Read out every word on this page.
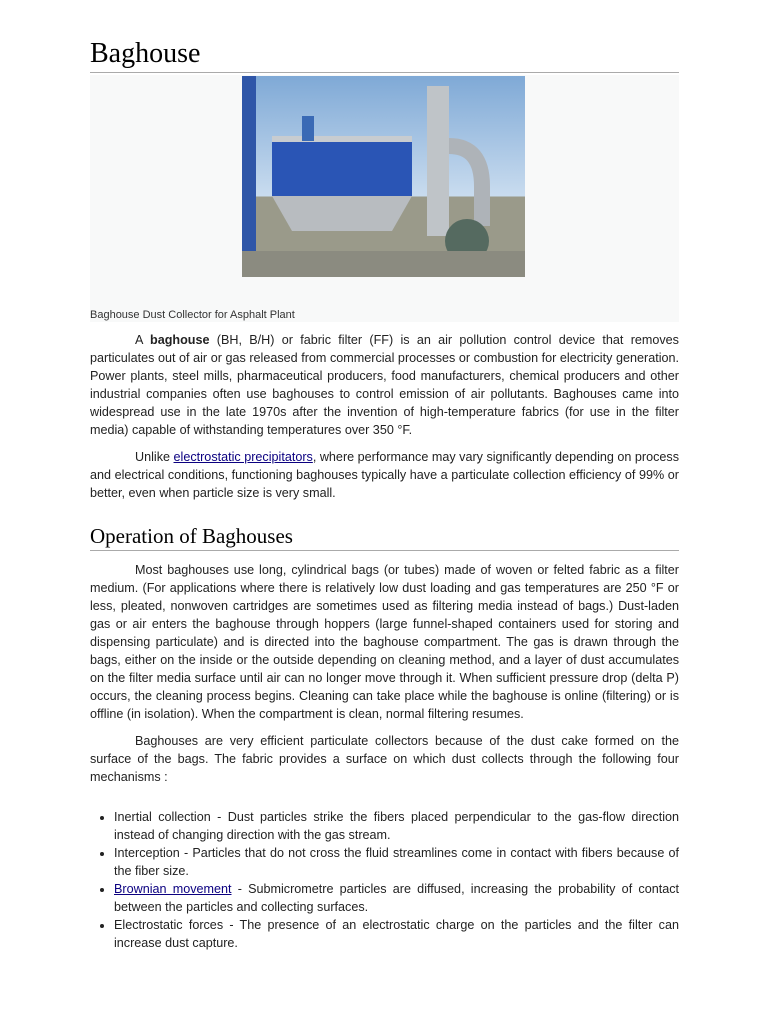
Baghouse
Baghouse Dust Collector for Asphalt Plant

A baghouse (BH, B/H) or fabric filter (FF) is an air pollution control device that removes particulates out of air or gas released from commercial processes or combustion for electricity generation. Power plants, steel mills, pharmaceutical producers, food manufacturers, chemical producers and other industrial companies often use baghouses to control emission of air pollutants. Baghouses came into widespread use in the late 1970s after the invention of high-temperature fabrics (for use in the filter media) capable of withstanding temperatures over 350 °F.

Unlike electrostatic precipitators, where performance may vary significantly depending on process and electrical conditions, functioning baghouses typically have a particulate collection efficiency of 99% or better, even when particle size is very small.

Operation of Baghouses

Most baghouses use long, cylindrical bags (or tubes) made of woven or felted fabric as a filter medium. (For applications where there is relatively low dust loading and gas temperatures are 250 °F or less, pleated, nonwoven cartridges are sometimes used as filtering media instead of bags.) Dust-laden gas or air enters the baghouse through hoppers (large funnel-shaped containers used for storing and dispensing particulate) and is directed into the baghouse compartment. The gas is drawn through the bags, either on the inside or the outside depending on cleaning method, and a layer of dust accumulates on the filter media surface until air can no longer move through it. When sufficient pressure drop (delta P) occurs, the cleaning process begins. Cleaning can take place while the baghouse is online (filtering) or is offline (in isolation). When the compartment is clean, normal filtering resumes.

Baghouses are very efficient particulate collectors because of the dust cake formed on the surface of the bags. The fabric provides a surface on which dust collects through the following four mechanisms :

• Inertial collection - Dust particles strike the fibers placed perpendicular to the gas-flow direction instead of changing direction with the gas stream.
• Interception - Particles that do not cross the fluid streamlines come in contact with fibers because of the fiber size.
• Brownian movement - Submicrometre particles are diffused, increasing the probability of contact between the particles and collecting surfaces.
• Electrostatic forces - The presence of an electrostatic charge on the particles and the filter can increase dust capture.
